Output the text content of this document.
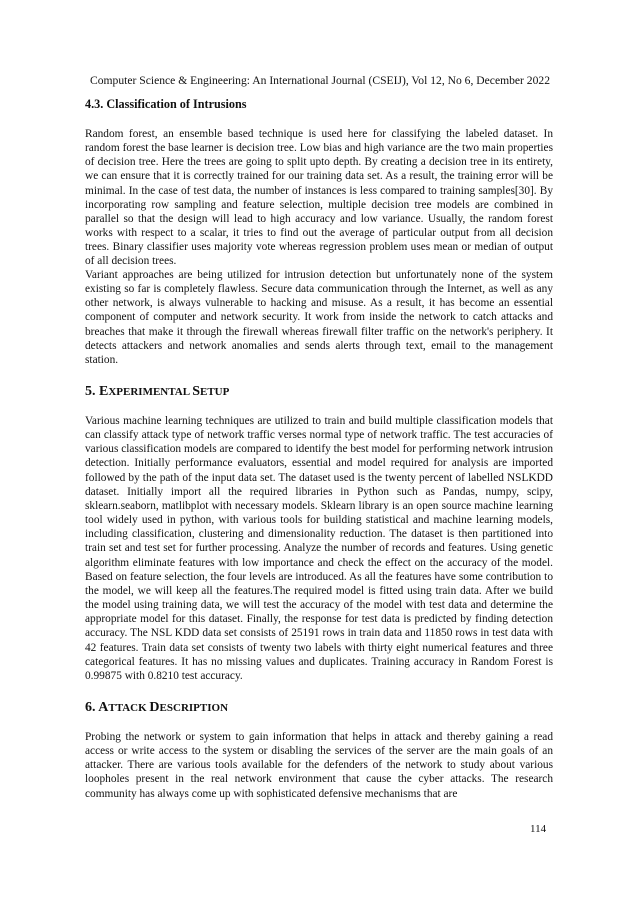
Computer Science & Engineering: An International Journal (CSEIJ), Vol 12, No 6, December 2022
4.3. Classification of Intrusions

Random forest, an ensemble based technique is used here for classifying the labeled dataset. In random forest the base learner is decision tree. Low bias and high variance are the two main properties of decision tree. Here the trees are going to split upto depth. By creating a decision tree in its entirety, we can ensure that it is correctly trained for our training data set. As a result, the training error will be minimal. In the case of test data, the number of instances is less compared to training samples[30]. By incorporating row sampling and feature selection, multiple decision tree models are combined in parallel so that the design will lead to high accuracy and low variance. Usually, the random forest works with respect to a scalar, it tries to find out the average of particular output from all decision trees. Binary classifier uses majority vote whereas regression problem uses mean or median of output of all decision trees.

Variant approaches are being utilized for intrusion detection but unfortunately none of the system existing so far is completely flawless. Secure data communication through the Internet, as well as any other network, is always vulnerable to hacking and misuse. As a result, it has become an essential component of computer and network security. It work from inside the network to catch attacks and breaches that make it through the firewall whereas firewall filter traffic on the network's periphery. It detects attackers and network anomalies and sends alerts through text, email to the management station.

5. EXPERIMENTAL SETUP

Various machine learning techniques are utilized to train and build multiple classification models that can classify attack type of network traffic verses normal type of network traffic. The test accuracies of various classification models are compared to identify the best model for performing network intrusion detection. Initially performance evaluators, essential and model required for analysis are imported followed by the path of the input data set. The dataset used is the twenty percent of labelled NSLKDD dataset. Initially import all the required libraries in Python such as Pandas, numpy, scipy, sklearn.seaborn, matlibplot with necessary models. Sklearn library is an open source machine learning tool widely used in python, with various tools for building statistical and machine learning models, including classification, clustering and dimensionality reduction. The dataset is then partitioned into train set and test set for further processing. Analyze the number of records and features. Using genetic algorithm eliminate features with low importance and check the effect on the accuracy of the model. Based on feature selection, the four levels are introduced. As all the features have some contribution to the model, we will keep all the features.The required model is fitted using train data. After we build the model using training data, we will test the accuracy of the model with test data and determine the appropriate model for this dataset. Finally, the response for test data is predicted by finding detection accuracy. The NSL KDD data set consists of 25191 rows in train data and 11850 rows in test data with 42 features. Train data set consists of twenty two labels with thirty eight numerical features and three categorical features. It has no missing values and duplicates. Training accuracy in Random Forest is 0.99875 with 0.8210 test accuracy.

6. ATTACK DESCRIPTION

Probing the network or system to gain information that helps in attack and thereby gaining a read access or write access to the system or disabling the services of the server are the main goals of an attacker. There are various tools available for the defenders of the network to study about various loopholes present in the real network environment that cause the cyber attacks. The research community has always come up with sophisticated defensive mechanisms that are

114
